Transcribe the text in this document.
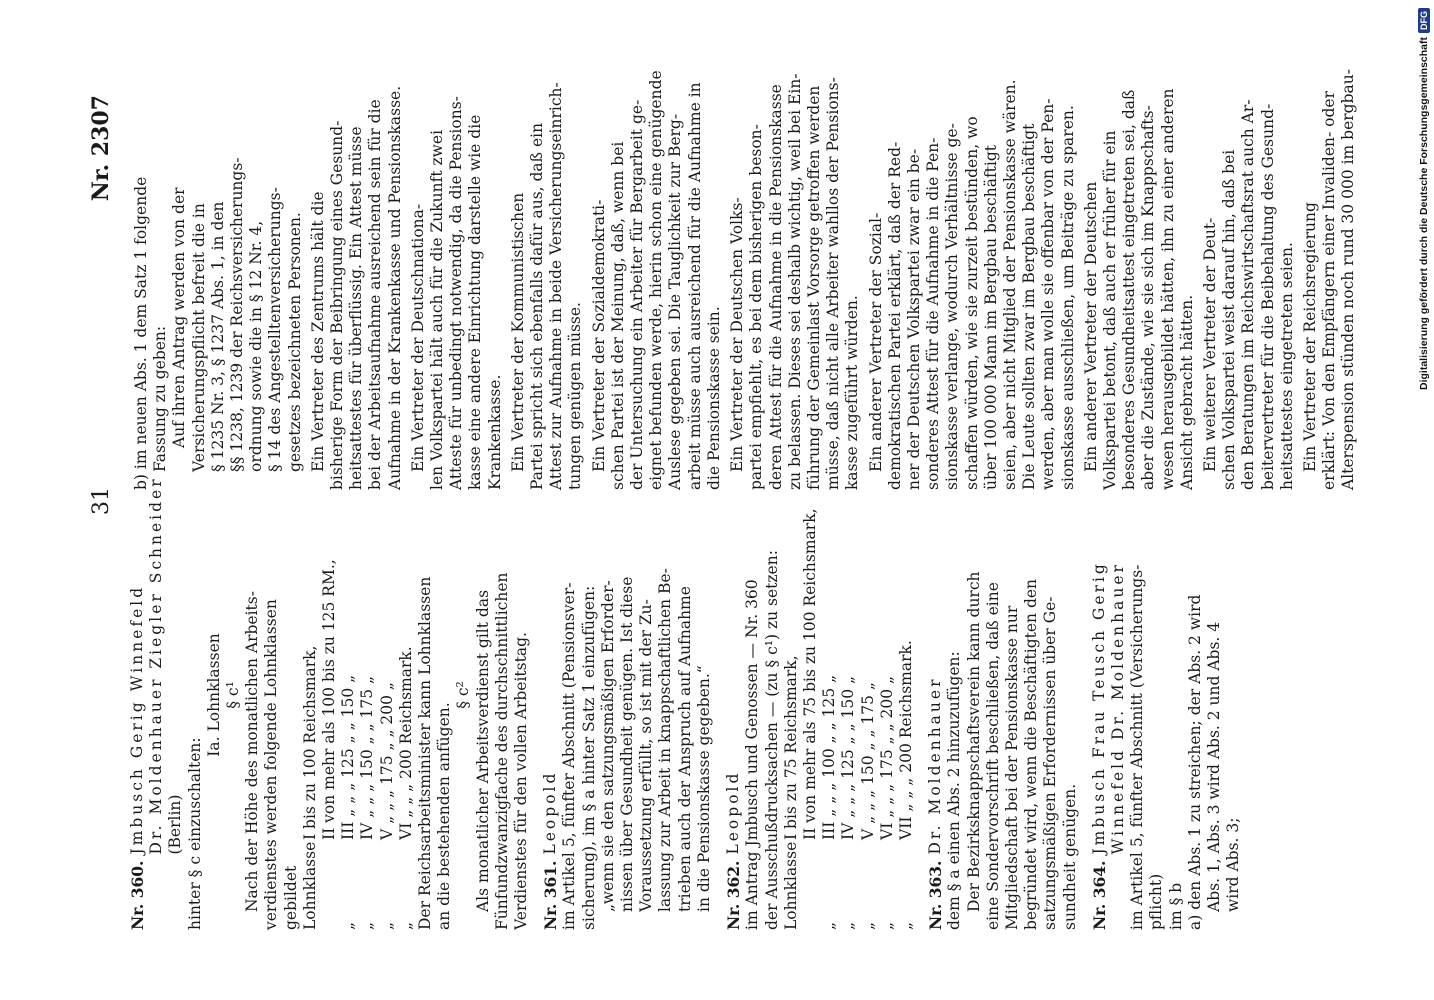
31
Nr. 2307
Nr. 360.
Jmbusch Gerig Winnefeld Dr. Moldenhauer Ziegler Schneider (Berlin) hinter § c einzuschalten:
Ia. Lohnklassen § c¹ Nach der Höhe des monatlichen Arbeits- verdienstes werden folgende Lohnklassen gebildet Lohnklasse
I bis zu 100 Reichsmark, II von mehr als 100 bis zu 125 RM.,
„
III „ „ „ 125 „ „ 150 „
„
IV „ „ „ 150 „ „ 175 „
„
V „ „ „ 175 „ „ 200 „
„
VI „ „ „ 200 Reichsmark. Der Reichsarbeitsminister kann Lohnklassen an die bestehenden anfügen.
§ c² Als monatlicher Arbeitsverdienst gilt das Fünfundzwanzigfache des durchschnittlichen Verdienstes für den vollen Arbeitstag. Nr. 361.
Leopold im Artikel 5, fünfter Abschnitt (Pensionsver- sicherung), im § a hinter Satz 1 einzufügen: „wenn sie den satzungsmäßigen Erforder- nissen über Gesundheit genügen. Ist diese Voraussetzung erfüllt, so ist mit der Zu- lassung zur Arbeit in knappschaftlichen Be- trieben auch der Anspruch auf Aufnahme in die Pensionskasse gegeben.“ Nr. 362.
Leopold im Antrag Jmbusch und Genossen — Nr. 360 der Ausschußdrucksachen — (zu § c¹) zu setzen: Lohnklasse
I bis zu 75 Reichsmark, II von mehr als 75 bis zu 100 Reichsmark,
„
III „ „ „ 100 „ „ 125 „
„
IV „ „ „ 125 „ „ 150 „
„
V „ „ „ 150 „ „ 175 „
„
VI „ „ „ 175 „ „ 200 „
„
VII „ „ „ 200 Reichsmark.
Nr. 363.
Dr. Moldenhauer dem § a einen Abs. 2 hinzuzufügen: Der Bezirksknappschaftsverein kann durch eine Sondervorschrift beschließen, daß eine Mitgliedschaft bei der Pensionskasse nur begründet wird, wenn die Beschäftigten den satzungsmäßigen Erfordernissen über Ge- sundheit genügen. Nr. 364.
Jmbusch Frau Teusch Gerig Winnefeld Dr. Moldenhauer im Artikel 5, fünfter Abschnitt (Versicherungs- pflicht) im § b a) den Abs. 1 zu streichen; der Abs. 2 wird Abs. 1, Abs. 3 wird Abs. 2 und Abs. 4 wird Abs. 3;
b) im neuen Abs. 1 dem Satz 1 folgende Fassung zu geben: Auf ihren Antrag werden von der Versicherungspflicht befreit die in § 1235 Nr. 3, § 1237 Abs. 1, in den §§ 1238, 1239 der Reichsversicherungs- ordnung sowie die in § 12 Nr. 4, § 14 des Angestelltenversicherungs- gesetzes bezeichneten Personen. Ein Vertreter des Zentrums hält die bisherige Form der Beibringung eines Gesund- heitsattestes für überflüssig. Ein Attest müsse bei der Arbeitsaufnahme ausreichend sein für die Aufnahme in der Krankenkasse und Pensionskasse. Ein Vertreter der Deutschnationa- len Volkspartei hält auch für die Zukunft zwei Atteste für unbedingt notwendig, da die Pensions- kasse eine andere Einrichtung darstelle wie die Krankenkasse. Ein Vertreter der Kommunistischen Partei spricht sich ebenfalls dafür aus, daß ein Attest zur Aufnahme in beide Versicherungseinrich- tungen genügen müsse. Ein Vertreter der Sozialdemokrati- schen Partei ist der Meinung, daß, wenn bei der Untersuchung ein Arbeiter für Bergarbeit ge- eignet befunden werde, hierin schon eine genügende Auslese gegeben sei. Die Tauglichkeit zur Berg- arbeit müsse auch ausreichend für die Aufnahme in die Pensionskasse sein. Ein Vertreter der Deutschen Volks- partei empfiehlt, es bei dem bisherigen beson- deren Attest für die Aufnahme in die Pensionskasse zu belassen. Dieses sei deshalb wichtig, weil bei Ein- führung der Gemeinlast Vorsorge getroffen werden müsse, daß nicht alle Arbeiter wahllos der Pensions- kasse zugeführt würden. Ein anderer Vertreter der Sozial- demokratischen Partei erklärt, daß der Red- ner der Deutschen Volkspartei zwar ein be- sonderes Attest für die Aufnahme in die Pen- sionskasse verlange, wodurch Verhältnisse ge- schaffen würden, wie sie zurzeit bestünden, wo über 100 000 Mann im Bergbau beschäftigt seien, aber nicht Mitglied der Pensionskasse wären. Die Leute sollten zwar im Bergbau beschäftigt werden, aber man wolle sie offenbar von der Pen- sionskasse ausschließen, um Beiträge zu sparen. Ein anderer Vertreter der Deutschen Volkspartei betont, daß auch er früher für ein besonderes Gesundheitsattest eingetreten sei, daß aber die Zustände, wie sie sich im Knappschafts- wesen herausgebildet hätten, ihn zu einer anderen Ansicht gebracht hätten. Ein weiterer Vertreter der Deut- schen Volkspartei weist darauf hin, daß bei den Beratungen im Reichswirtschaftsrat auch Ar- beitervertreter für die Beibehaltung des Gesund- heitsattestes eingetreten seien. Ein Vertreter der Reichsregierung erklärt: Von den Empfängern einer Invaliden- oder Alterspension stünden noch rund 30 000 im bergbau-	Digitalisierung gefördert durch die Deutsche Forschungsgemeinschaft
DFG
